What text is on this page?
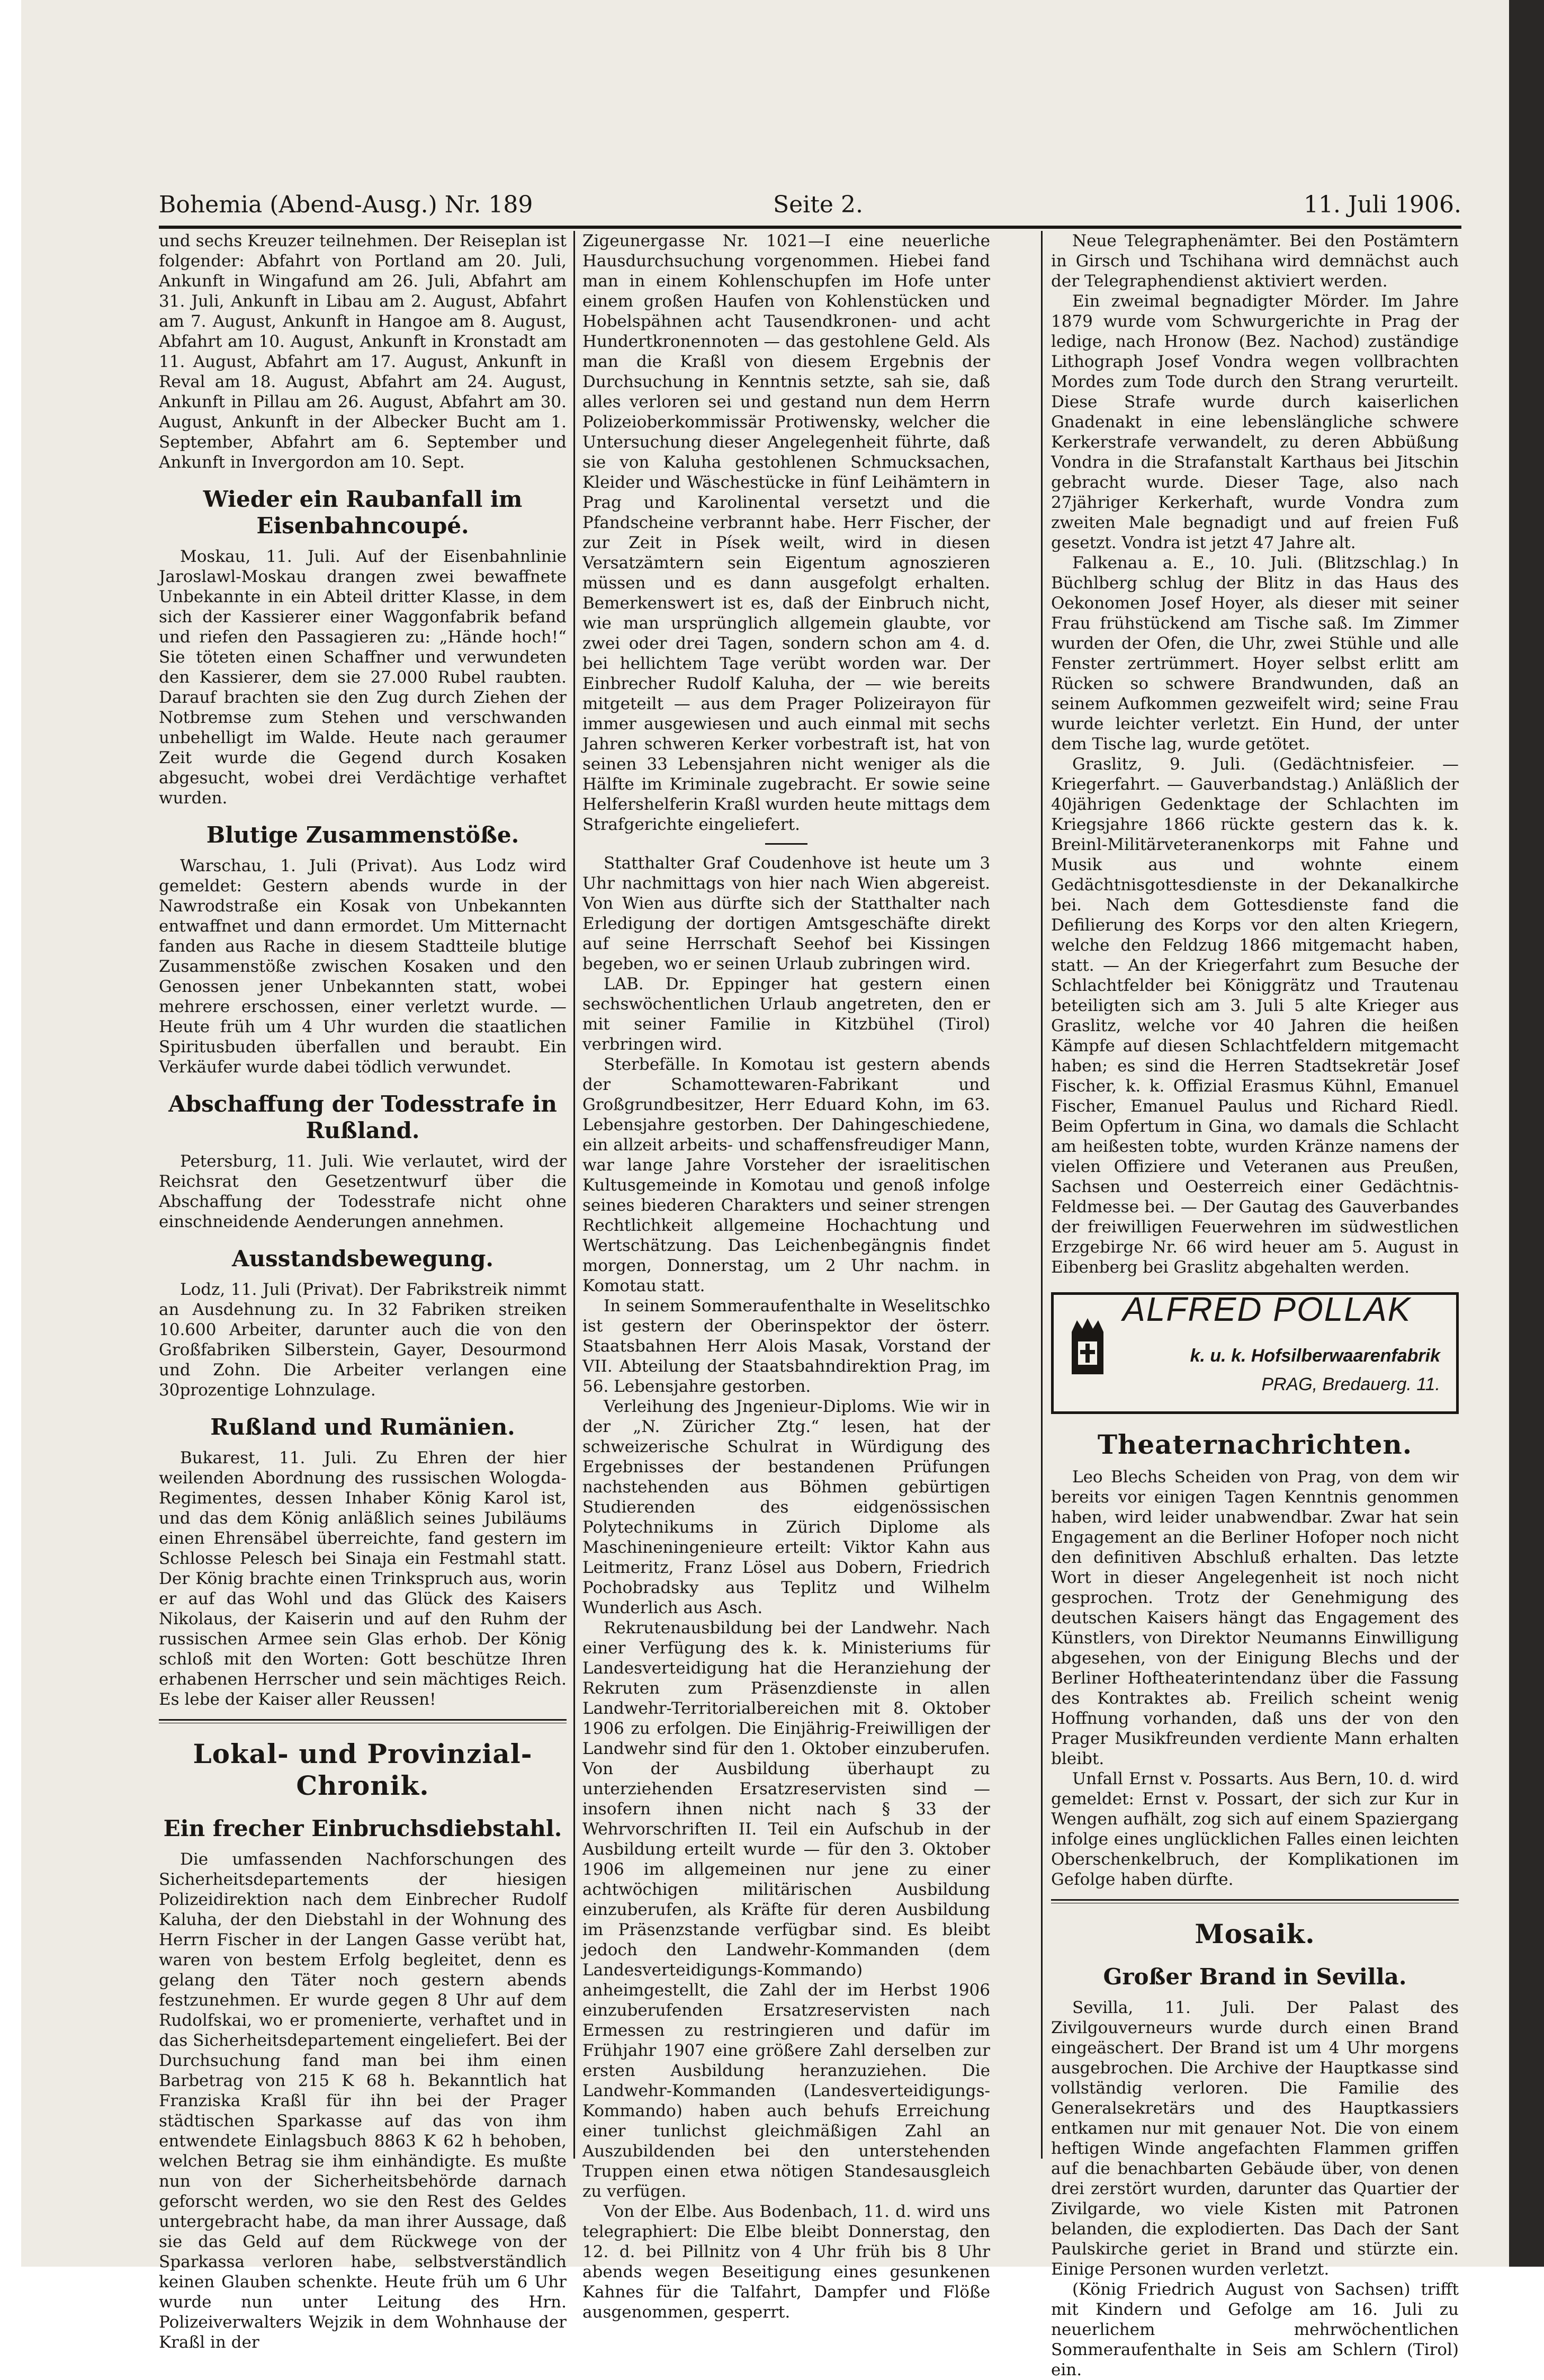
Bohemia (Abend-Ausg.) Nr. 189	Seite 2.	11. Juli 1906.

und sechs Kreuzer teilnehmen. Der Reiseplan ist folgender: Abfahrt von Portland am 20. Juli, Ankunft in Wingafund am 26. Juli, Abfahrt am 31. Juli, Ankunft in Libau am 2. August, Abfahrt am 7. August, Ankunft in Hangoe am 8. August, Abfahrt am 10. August, Ankunft in Kronstadt am 11. August, Abfahrt am 17. August, Ankunft in Reval am 18. August, Abfahrt am 24. August, Ankunft in Pillau am 26. August, Abfahrt am 30. August, Ankunft in der Albecker Bucht am 1. September, Abfahrt am 6. September und Ankunft in Invergordon am 10. Sept.

Wieder ein Raubanfall im Eisenbahncoupé.

Moskau, 11. Juli. Auf der Eisenbahnlinie Jaroslawl-Moskau drangen zwei bewaffnete Unbekannte in ein Abteil dritter Klasse, in dem sich der Kassierer einer Waggonfabrik befand und riefen den Passagieren zu: „Hände hoch!“ Sie töteten einen Schaffner und verwundeten den Kassierer, dem sie 27.000 Rubel raubten. Darauf brachten sie den Zug durch Ziehen der Notbremse zum Stehen und verschwanden unbehelligt im Walde. Heute nach geraumer Zeit wurde die Gegend durch Kosaken abgesucht, wobei drei Verdächtige verhaftet wurden.

Blutige Zusammenstöße.

Warschau, 1. Juli (Privat). Aus Lodz wird gemeldet: Gestern abends wurde in der Nawrodstraße ein Kosak von Unbekannten entwaffnet und dann ermordet. Um Mitternacht fanden aus Rache in diesem Stadtteile blutige Zusammenstöße zwischen Kosaken und den Genossen jener Unbekannten statt, wobei mehrere erschossen, einer verletzt wurde. — Heute früh um 4 Uhr wurden die staatlichen Spiritusbuden überfallen und beraubt. Ein Verkäufer wurde dabei tödlich verwundet.

Abschaffung der Todesstrafe in Rußland.

Petersburg, 11. Juli. Wie verlautet, wird der Reichsrat den Gesetzentwurf über die Abschaffung der Todesstrafe nicht ohne einschneidende Aenderungen annehmen.

Ausstandsbewegung.

Lodz, 11. Juli (Privat). Der Fabrikstreik nimmt an Ausdehnung zu. In 32 Fabriken streiken 10.600 Arbeiter, darunter auch die von den Großfabriken Silberstein, Gayer, Desourmond und Zohn. Die Arbeiter verlangen eine 30prozentige Lohnzulage.

Rußland und Rumänien.

Bukarest, 11. Juli. Zu Ehren der hier weilenden Abordnung des russischen Wologda-Regimentes, dessen Inhaber König Karol ist, und das dem König anläßlich seines Jubiläums einen Ehrensäbel überreichte, fand gestern im Schlosse Pelesch bei Sinaja ein Festmahl statt. Der König brachte einen Trinkspruch aus, worin er auf das Wohl und das Glück des Kaisers Nikolaus, der Kaiserin und auf den Ruhm der russischen Armee sein Glas erhob. Der König schloß mit den Worten: Gott beschütze Ihren erhabenen Herrscher und sein mächtiges Reich. Es lebe der Kaiser aller Reussen!

Lokal- und Provinzial-Chronik.
Ein frecher Einbruchsdiebstahl.

Die umfassenden Nachforschungen des Sicherheitsdepartements der hiesigen Polizeidirektion nach dem Einbrecher Rudolf Kaluha, der den Diebstahl in der Wohnung des Herrn Fischer in der Langen Gasse verübt hat, waren von bestem Erfolg begleitet, denn es gelang den Täter noch gestern abends festzunehmen. Er wurde gegen 8 Uhr auf dem Rudolfskai, wo er promenierte, verhaftet und in das Sicherheitsdepartement eingeliefert. Bei der Durchsuchung fand man bei ihm einen Barbetrag von 215 K 68 h. Bekanntlich hat Franziska Kraßl für ihn bei der Prager städtischen Sparkasse auf das von ihm entwendete Einlagsbuch 8863 K 62 h behoben, welchen Betrag sie ihm einhändigte. Es mußte nun von der Sicherheitsbehörde darnach geforscht werden, wo sie den Rest des Geldes untergebracht habe, da man ihrer Aussage, daß sie das Geld auf dem Rückwege von der Sparkassa verloren habe, selbstverständlich keinen Glauben schenkte. Heute früh um 6 Uhr wurde nun unter Leitung des Hrn. Polizeiverwalters Wejzik in dem Wohnhause der Kraßl in der

Zigeunergasse Nr. 1021—I eine neuerliche Hausdurchsuchung vorgenommen. Hiebei fand man in einem Kohlenschupfen im Hofe unter einem großen Haufen von Kohlenstücken und Hobelspähnen acht Tausendkronen- und acht Hundertkronennoten — das gestohlene Geld. Als man die Kraßl von diesem Ergebnis der Durchsuchung in Kenntnis setzte, sah sie, daß alles verloren sei und gestand nun dem Herrn Polizeioberkommissär Protiwensky, welcher die Untersuchung dieser Angelegenheit führte, daß sie von Kaluha gestohlenen Schmucksachen, Kleider und Wäschestücke in fünf Leihämtern in Prag und Karolinental versetzt und die Pfandscheine verbrannt habe. Herr Fischer, der zur Zeit in Písek weilt, wird in diesen Versatzämtern sein Eigentum agnoszieren müssen und es dann ausgefolgt erhalten. Bemerkenswert ist es, daß der Einbruch nicht, wie man ursprünglich allgemein glaubte, vor zwei oder drei Tagen, sondern schon am 4. d. bei hellichtem Tage verübt worden war. Der Einbrecher Rudolf Kaluha, der — wie bereits mitgeteilt — aus dem Prager Polizeirayon für immer ausgewiesen und auch einmal mit sechs Jahren schweren Kerker vorbestraft ist, hat von seinen 33 Lebensjahren nicht weniger als die Hälfte im Kriminale zugebracht. Er sowie seine Helfershelferin Kraßl wurden heute mittags dem Strafgerichte eingeliefert.

Statthalter Graf Coudenhove ist heute um 3 Uhr nachmittags von hier nach Wien abgereist. Von Wien aus dürfte sich der Statthalter nach Erledigung der dortigen Amtsgeschäfte direkt auf seine Herrschaft Seehof bei Kissingen begeben, wo er seinen Urlaub zubringen wird.

LAB. Dr. Eppinger hat gestern einen sechswöchentlichen Urlaub angetreten, den er mit seiner Familie in Kitzbühel (Tirol) verbringen wird.

Sterbefälle. In Komotau ist gestern abends der Schamottewaren-Fabrikant und Großgrundbesitzer, Herr Eduard Kohn, im 63. Lebensjahre gestorben. Der Dahingeschiedene, ein allzeit arbeits- und schaffensfreudiger Mann, war lange Jahre Vorsteher der israelitischen Kultusgemeinde in Komotau und genoß infolge seines biederen Charakters und seiner strengen Rechtlichkeit allgemeine Hochachtung und Wertschätzung. Das Leichenbegängnis findet morgen, Donnerstag, um 2 Uhr nachm. in Komotau statt.

In seinem Sommeraufenthalte in Weselitschko ist gestern der Oberinspektor der österr. Staatsbahnen Herr Alois Masak, Vorstand der VII. Abteilung der Staatsbahndirektion Prag, im 56. Lebensjahre gestorben.

Verleihung des Jngenieur-Diploms. Wie wir in der „N. Züricher Ztg.“ lesen, hat der schweizerische Schulrat in Würdigung des Ergebnisses der bestandenen Prüfungen nachstehenden aus Böhmen gebürtigen Studierenden des eidgenössischen Polytechnikums in Zürich Diplome als Maschineningenieure erteilt: Viktor Kahn aus Leitmeritz, Franz Lösel aus Dobern, Friedrich Pochobradsky aus Teplitz und Wilhelm Wunderlich aus Asch.

Rekrutenausbildung bei der Landwehr. Nach einer Verfügung des k. k. Ministeriums für Landesverteidigung hat die Heranziehung der Rekruten zum Präsenzdienste in allen Landwehr-Territorialbereichen mit 8. Oktober 1906 zu erfolgen. Die Einjährig-Freiwilligen der Landwehr sind für den 1. Oktober einzuberufen. Von der Ausbildung überhaupt zu unterziehenden Ersatzreservisten sind — insofern ihnen nicht nach § 33 der Wehrvorschriften II. Teil ein Aufschub in der Ausbildung erteilt wurde — für den 3. Oktober 1906 im allgemeinen nur jene zu einer achtwöchigen militärischen Ausbildung einzuberufen, als Kräfte für deren Ausbildung im Präsenzstande verfügbar sind. Es bleibt jedoch den Landwehr-Kommanden (dem Landesverteidigungs-Kommando) anheimgestellt, die Zahl der im Herbst 1906 einzuberufenden Ersatzreservisten nach Ermessen zu restringieren und dafür im Frühjahr 1907 eine größere Zahl derselben zur ersten Ausbildung heranzuziehen. Die Landwehr-Kommanden (Landesverteidigungs-Kommando) haben auch behufs Erreichung einer tunlichst gleichmäßigen Zahl an Auszubildenden bei den unterstehenden Truppen einen etwa nötigen Standesausgleich zu verfügen.

Von der Elbe. Aus Bodenbach, 11. d. wird uns telegraphiert: Die Elbe bleibt Donnerstag, den 12. d. bei Pillnitz von 4 Uhr früh bis 8 Uhr abends wegen Beseitigung eines gesunkenen Kahnes für die Talfahrt, Dampfer und Flöße ausgenommen, gesperrt.

Neue Telegraphenämter. Bei den Postämtern in Girsch und Tschihana wird demnächst auch der Telegraphendienst aktiviert werden.

Ein zweimal begnadigter Mörder. Im Jahre 1879 wurde vom Schwurgerichte in Prag der ledige, nach Hronow (Bez. Nachod) zuständige Lithograph Josef Vondra wegen vollbrachten Mordes zum Tode durch den Strang verurteilt. Diese Strafe wurde durch kaiserlichen Gnadenakt in eine lebenslängliche schwere Kerkerstrafe verwandelt, zu deren Abbüßung Vondra in die Strafanstalt Karthaus bei Jitschin gebracht wurde. Dieser Tage, also nach 27jähriger Kerkerhaft, wurde Vondra zum zweiten Male begnadigt und auf freien Fuß gesetzt. Vondra ist jetzt 47 Jahre alt.

Falkenau a. E., 10. Juli. (Blitzschlag.) In Büchlberg schlug der Blitz in das Haus des Oekonomen Josef Hoyer, als dieser mit seiner Frau frühstückend am Tische saß. Im Zimmer wurden der Ofen, die Uhr, zwei Stühle und alle Fenster zertrümmert. Hoyer selbst erlitt am Rücken so schwere Brandwunden, daß an seinem Aufkommen gezweifelt wird; seine Frau wurde leichter verletzt. Ein Hund, der unter dem Tische lag, wurde getötet.

Graslitz, 9. Juli. (Gedächtnisfeier. — Kriegerfahrt. — Gauverbandstag.) Anläßlich der 40jährigen Gedenktage der Schlachten im Kriegsjahre 1866 rückte gestern das k. k. Breinl-Militärveteranenkorps mit Fahne und Musik aus und wohnte einem Gedächtnisgottesdienste in der Dekanalkirche bei. Nach dem Gottesdienste fand die Defilierung des Korps vor den alten Kriegern, welche den Feldzug 1866 mitgemacht haben, statt. — An der Kriegerfahrt zum Besuche der Schlachtfelder bei Königgrätz und Trautenau beteiligten sich am 3. Juli 5 alte Krieger aus Graslitz, welche vor 40 Jahren die heißen Kämpfe auf diesen Schlachtfeldern mitgemacht haben; es sind die Herren Stadtsekretär Josef Fischer, k. k. Offizial Erasmus Kühnl, Emanuel Fischer, Emanuel Paulus und Richard Riedl. Beim Opfertum in Gina, wo damals die Schlacht am heißesten tobte, wurden Kränze namens der vielen Offiziere und Veteranen aus Preußen, Sachsen und Oesterreich einer Gedächtnis-Feldmesse bei. — Der Gautag des Gauverbandes der freiwilligen Feuerwehren im südwestlichen Erzgebirge Nr. 66 wird heuer am 5. August in Eibenberg bei Graslitz abgehalten werden.

ALFRED POLLAK
k. u. k. Hofsilberwaarenfabrik
PRAG, Bredauerg. 11.
Theaternachrichten.

Leo Blechs Scheiden von Prag, von dem wir bereits vor einigen Tagen Kenntnis genommen haben, wird leider unabwendbar. Zwar hat sein Engagement an die Berliner Hofoper noch nicht den definitiven Abschluß erhalten. Das letzte Wort in dieser Angelegenheit ist noch nicht gesprochen. Trotz der Genehmigung des deutschen Kaisers hängt das Engagement des Künstlers, von Direktor Neumanns Einwilligung abgesehen, von der Einigung Blechs und der Berliner Hoftheaterintendanz über die Fassung des Kontraktes ab. Freilich scheint wenig Hoffnung vorhanden, daß uns der von den Prager Musikfreunden verdiente Mann erhalten bleibt.

Unfall Ernst v. Possarts. Aus Bern, 10. d. wird gemeldet: Ernst v. Possart, der sich zur Kur in Wengen aufhält, zog sich auf einem Spaziergang infolge eines unglücklichen Falles einen leichten Oberschenkelbruch, der Komplikationen im Gefolge haben dürfte.

Mosaik.
Großer Brand in Sevilla.

Sevilla, 11. Juli. Der Palast des Zivilgouverneurs wurde durch einen Brand eingeäschert. Der Brand ist um 4 Uhr morgens ausgebrochen. Die Archive der Hauptkasse sind vollständig verloren. Die Familie des Generalsekretärs und des Hauptkassiers entkamen nur mit genauer Not. Die von einem heftigen Winde angefachten Flammen griffen auf die benachbarten Gebäude über, von denen drei zerstört wurden, darunter das Quartier der Zivilgarde, wo viele Kisten mit Patronen belanden, die explodierten. Das Dach der Sant Paulskirche geriet in Brand und stürzte ein. Einige Personen wurden verletzt.

(König Friedrich August von Sachsen) trifft mit Kindern und Gefolge am 16. Juli zu neuerlichem mehrwöchentlichen Sommeraufenthalte in Seis am Schlern (Tirol) ein.
